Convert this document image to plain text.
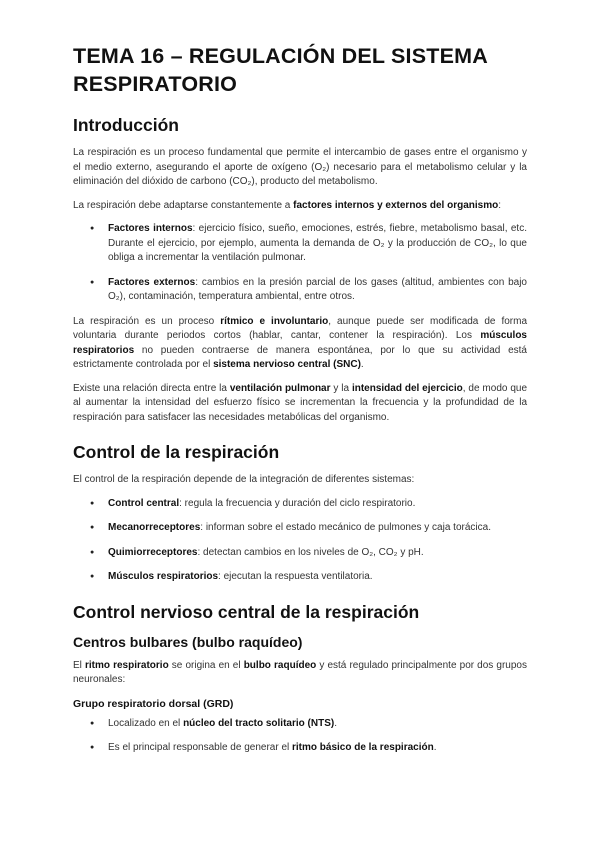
TEMA 16 – REGULACIÓN DEL SISTEMA RESPIRATORIO
Introducción

La respiración es un proceso fundamental que permite el intercambio de gases entre el organismo y el medio externo, asegurando el aporte de oxígeno (O₂) necesario para el metabolismo celular y la eliminación del dióxido de carbono (CO₂), producto del metabolismo.

La respiración debe adaptarse constantemente a factores internos y externos del organismo:

● Factores internos: ejercicio físico, sueño, emociones, estrés, fiebre, metabolismo basal, etc. Durante el ejercicio, por ejemplo, aumenta la demanda de O₂ y la producción de CO₂, lo que obliga a incrementar la ventilación pulmonar.
● Factores externos: cambios en la presión parcial de los gases (altitud, ambientes con bajo O₂), contaminación, temperatura ambiental, entre otros.

La respiración es un proceso rítmico e involuntario, aunque puede ser modificada de forma voluntaria durante periodos cortos (hablar, cantar, contener la respiración). Los músculos respiratorios no pueden contraerse de manera espontánea, por lo que su actividad está estrictamente controlada por el sistema nervioso central (SNC).

Existe una relación directa entre la ventilación pulmonar y la intensidad del ejercicio, de modo que al aumentar la intensidad del esfuerzo físico se incrementan la frecuencia y la profundidad de la respiración para satisfacer las necesidades metabólicas del organismo.

Control de la respiración

El control de la respiración depende de la integración de diferentes sistemas:

● Control central: regula la frecuencia y duración del ciclo respiratorio.
● Mecanorreceptores: informan sobre el estado mecánico de pulmones y caja torácica.
● Quimiorreceptores: detectan cambios en los niveles de O₂, CO₂ y pH.
● Músculos respiratorios: ejecutan la respuesta ventilatoria.
Control nervioso central de la respiración
Centros bulbares (bulbo raquídeo)

El ritmo respiratorio se origina en el bulbo raquídeo y está regulado principalmente por dos grupos neuronales:

Grupo respiratorio dorsal (GRD)
● Localizado en el núcleo del tracto solitario (NTS).
● Es el principal responsable de generar el ritmo básico de la respiración.
